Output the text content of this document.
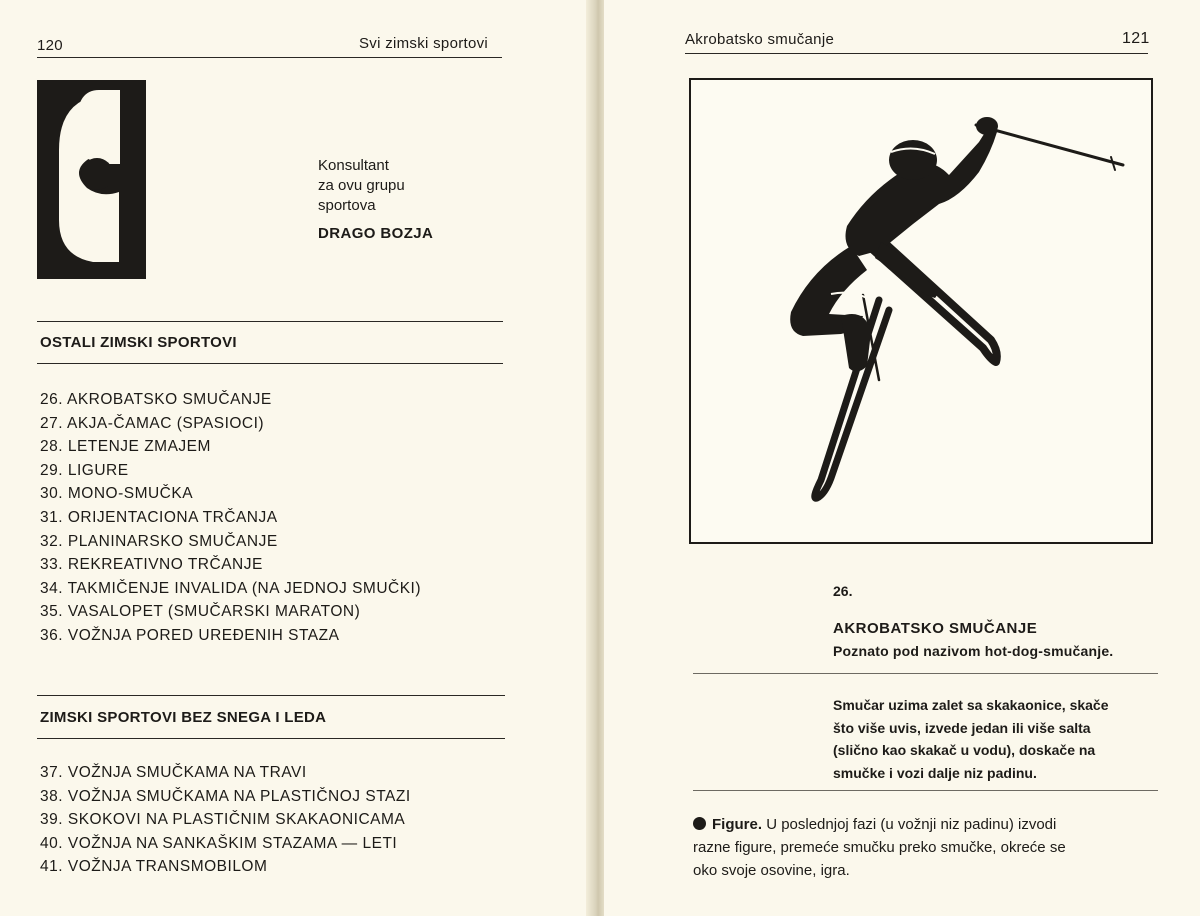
120	Svi zimski sportovi
Konsultant
za ovu grupu
sportova
DRAGO BOZJA
OSTALI ZIMSKI SPORTOVI
26. AKROBATSKO SMUČANJE
27. AKJA-ČAMAC (SPASIOCI)
28. LETENJE ZMAJEM
29. LIGURE
30. MONO-SMUČKA
31. ORIJENTACIONA TRČANJA
32. PLANINARSKO SMUČANJE
33. REKREATIVNO TRČANJE
34. TAKMIČENJE INVALIDA (NA JEDNOJ SMUČKI)
35. VASALOPET (SMUČARSKI MARATON)
36. VOŽNJA PORED UREĐENIH STAZA
ZIMSKI SPORTOVI BEZ SNEGA I LEDA
37. VOŽNJA SMUČKAMA NA TRAVI
38. VOŽNJA SMUČKAMA NA PLASTIČNOJ STAZI
39. SKOKOVI NA PLASTIČNIM SKAKAONICAMA
40. VOŽNJA NA SANKAŠKIM STAZAMA — LETI
41. VOŽNJA TRANSMOBILOM
Akrobatsko smučanje	121
26.
AKROBATSKO SMUČANJE
Poznato pod nazivom hot-dog-smučanje.
Smučar uzima zalet sa skakaonice, skače
što više uvis, izvede jedan ili više salta
(slično kao skakač u vodu), doskače na
smučke i vozi dalje niz padinu.
Figure. U poslednjoj fazi (u vožnji niz padinu) izvodi
razne figure, premeće smučku preko smučke, okreće se
oko svoje osovine, igra.
